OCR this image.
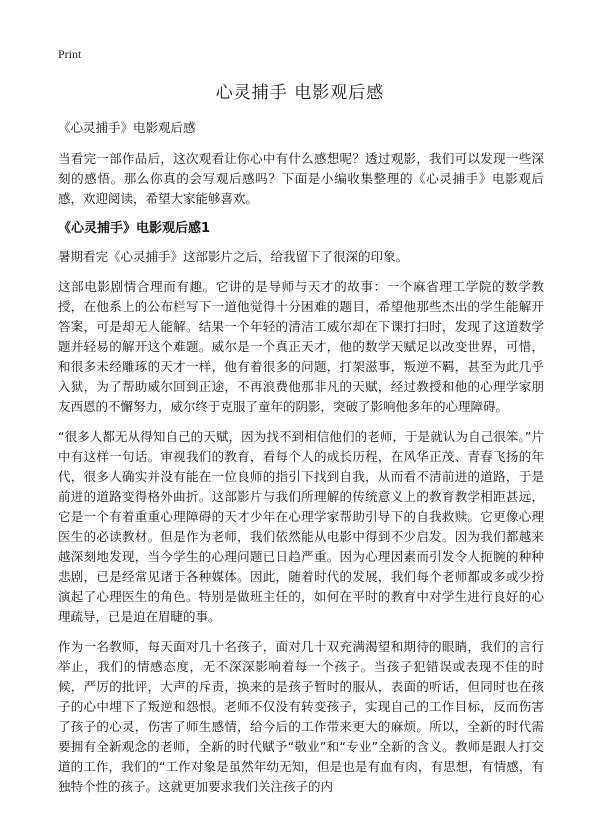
Print
心灵捕手 电影观后感

《心灵捕手》电影观后感

当看完一部作品后，这次观看让你心中有什么感想呢？透过观影，我们可以发现一些深刻的感悟。那么你真的会写观后感吗？下面是小编收集整理的《心灵捕手》电影观后感，欢迎阅读，希望大家能够喜欢。

《心灵捕手》电影观后感1

暑期看完《心灵捕手》这部影片之后，给我留下了很深的印象。

这部电影剧情合理而有趣。它讲的是导师与天才的故事：一个麻省理工学院的数学教授，在他系上的公布栏写下一道他觉得十分困难的题目，希望他那些杰出的学生能解开答案，可是却无人能解。结果一个年轻的清洁工威尔却在下课打扫时，发现了这道数学题并轻易的解开这个难题。威尔是一个真正天才，他的数学天赋足以改变世界，可惜，和很多未经雕琢的天才一样，他有着很多的问题，打架滋事，叛逆不羁，甚至为此几乎入狱，为了帮助威尔回到正途，不再浪费他那非凡的天赋，经过教授和他的心理学家朋友西恩的不懈努力，威尔终于克服了童年的阴影，突破了影响他多年的心理障碍。

“很多人都无从得知自己的天赋，因为找不到相信他们的老师，于是就认为自己很笨。”片中有这样一句话。审视我们的教育，看每个人的成长历程，在风华正茂、青春飞扬的年代，很多人确实并没有能在一位良师的指引下找到自我，从而看不清前进的道路，于是前进的道路变得格外曲折。这部影片与我们所理解的传统意义上的教育教学相距甚远，它是一个有着重重心理障碍的天才少年在心理学家帮助引导下的自我救赎。它更像心理医生的必读教材。但是作为老师，我们依然能从电影中得到不少启发。因为我们都越来越深刻地发现，当今学生的心理问题已日趋严重。因为心理因素而引发令人扼腕的种种悲剧，已是经常见诸于各种媒体。因此，随着时代的发展，我们每个老师都或多或少扮演起了心理医生的角色。特别是做班主任的，如何在平时的教育中对学生进行良好的心理疏导，已是迫在眉睫的事。

作为一名教师，每天面对几十名孩子，面对几十双充满渴望和期待的眼睛，我们的言行举止，我们的情感态度，无不深深影响着每一个孩子。当孩子犯错误或表现不佳的时候，严厉的批评，大声的斥责，换来的是孩子暂时的服从，表面的听话，但同时也在孩子的心中埋下了叛逆和怨恨。老师不仅没有转变孩子，实现自己的工作目标，反而伤害了孩子的心灵，伤害了师生感情，给今后的工作带来更大的麻烦。所以，全新的时代需要拥有全新观念的老师，全新的时代赋予“敬业”和“专业”全新的含义。教师是跟人打交道的工作，我们的“工作对象是虽然年幼无知，但是也是有血有肉，有思想，有情感，有独特个性的孩子。这就更加要求我们关注孩子的内
